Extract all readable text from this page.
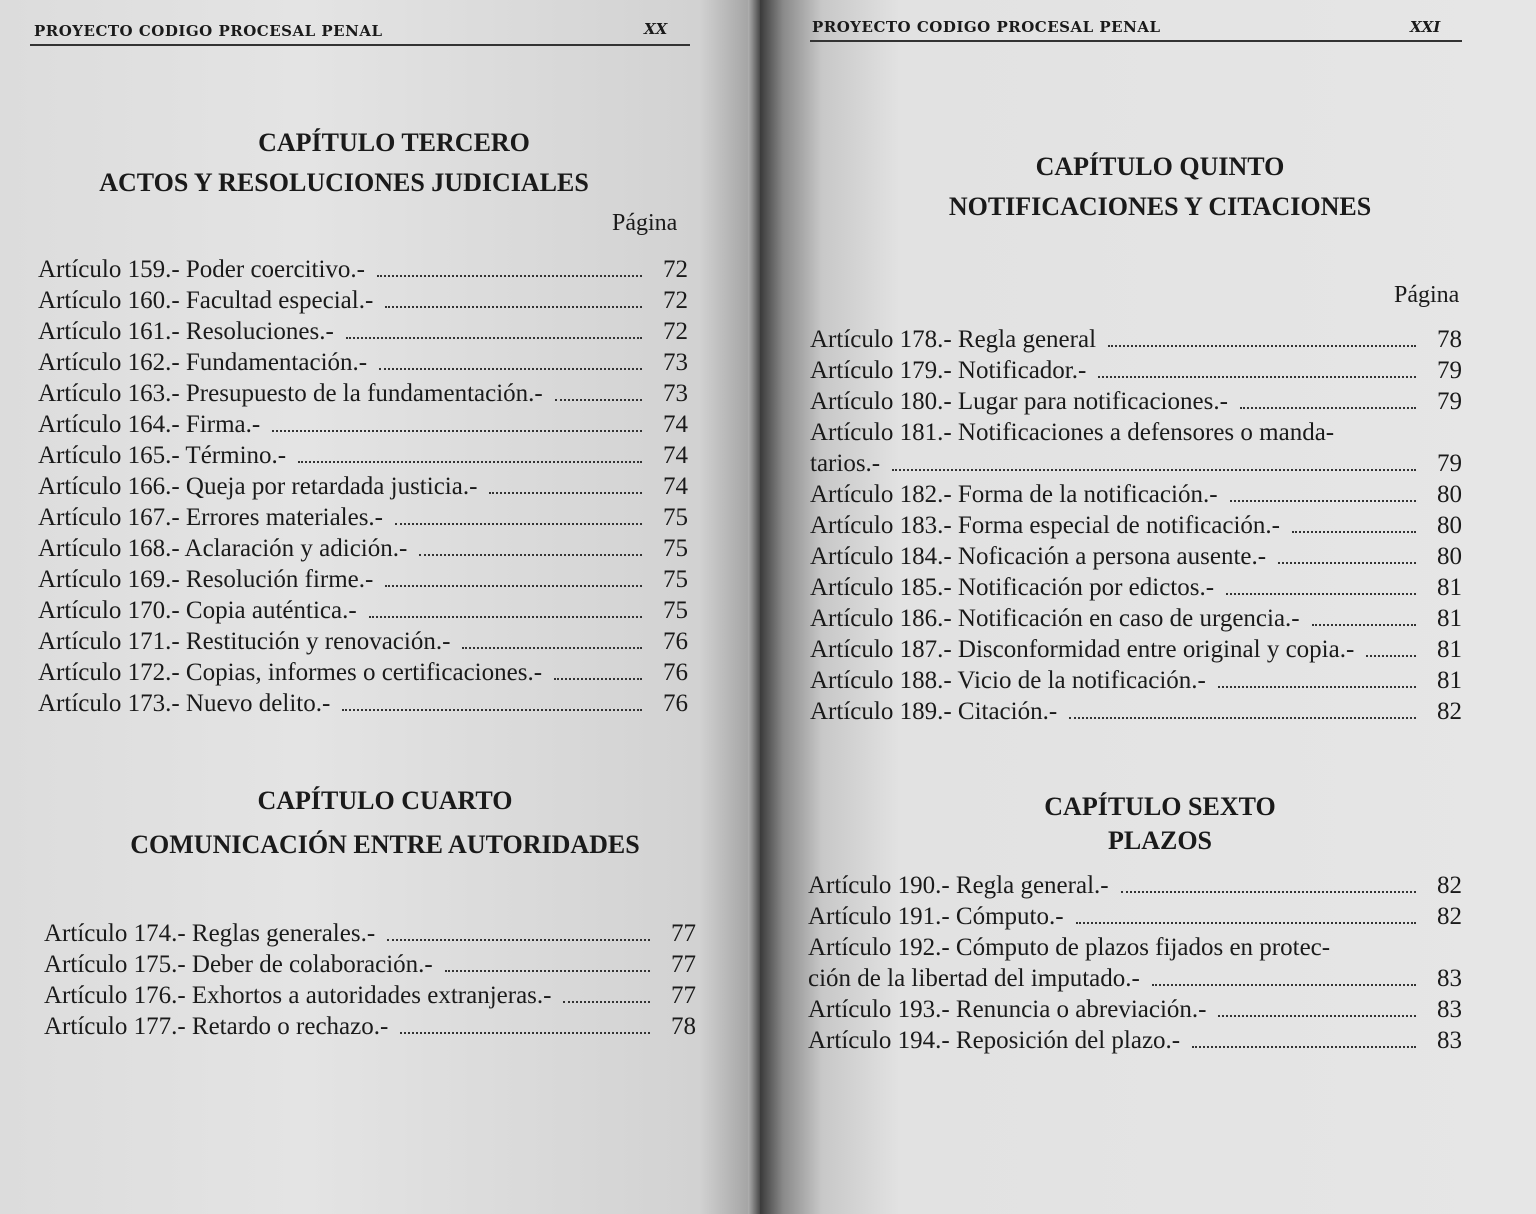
PROYECTO CODIGO PROCESAL PENAL	XX
CAPÍTULO TERCERO
ACTOS Y RESOLUCIONES JUDICIALES
Página
Artículo 159.- Poder coercitivo.-	72
Artículo 160.- Facultad especial.-	72
Artículo 161.- Resoluciones.-	72
Artículo 162.- Fundamentación.-	73
Artículo 163.- Presupuesto de la fundamentación.-	73
Artículo 164.- Firma.-	74
Artículo 165.- Término.-	74
Artículo 166.- Queja por retardada justicia.-	74
Artículo 167.- Errores materiales.-	75
Artículo 168.- Aclaración y adición.-	75
Artículo 169.- Resolución firme.-	75
Artículo 170.- Copia auténtica.-	75
Artículo 171.- Restitución y renovación.-	76
Artículo 172.- Copias, informes o certificaciones.-	76
Artículo 173.- Nuevo delito.-	76
CAPÍTULO CUARTO
COMUNICACIÓN ENTRE AUTORIDADES
Artículo 174.- Reglas generales.-	77
Artículo 175.- Deber de colaboración.-	77
Artículo 176.- Exhortos a autoridades extranjeras.-	77
Artículo 177.- Retardo o rechazo.-	78
PROYECTO CODIGO PROCESAL PENAL	XXI
CAPÍTULO QUINTO
NOTIFICACIONES Y CITACIONES
Página
Artículo 178.- Regla general	78
Artículo 179.- Notificador.-	79
Artículo 180.- Lugar para notificaciones.-	79
Artículo 181.- Notificaciones a defensores o manda-
tarios.-	79
Artículo 182.- Forma de la notificación.-	80
Artículo 183.- Forma especial de notificación.-	80
Artículo 184.- Noficación a persona ausente.-	80
Artículo 185.- Notificación por edictos.-	81
Artículo 186.- Notificación en caso de urgencia.-	81
Artículo 187.- Disconformidad entre original y copia.-	81
Artículo 188.- Vicio de la notificación.-	81
Artículo 189.- Citación.-	82
CAPÍTULO SEXTO
PLAZOS
Artículo 190.- Regla general.-	82
Artículo 191.- Cómputo.-	82
Artículo 192.- Cómputo de plazos fijados en protec-
ción de la libertad del imputado.-	83
Artículo 193.- Renuncia o abreviación.-	83
Artículo 194.- Reposición del plazo.-	83
